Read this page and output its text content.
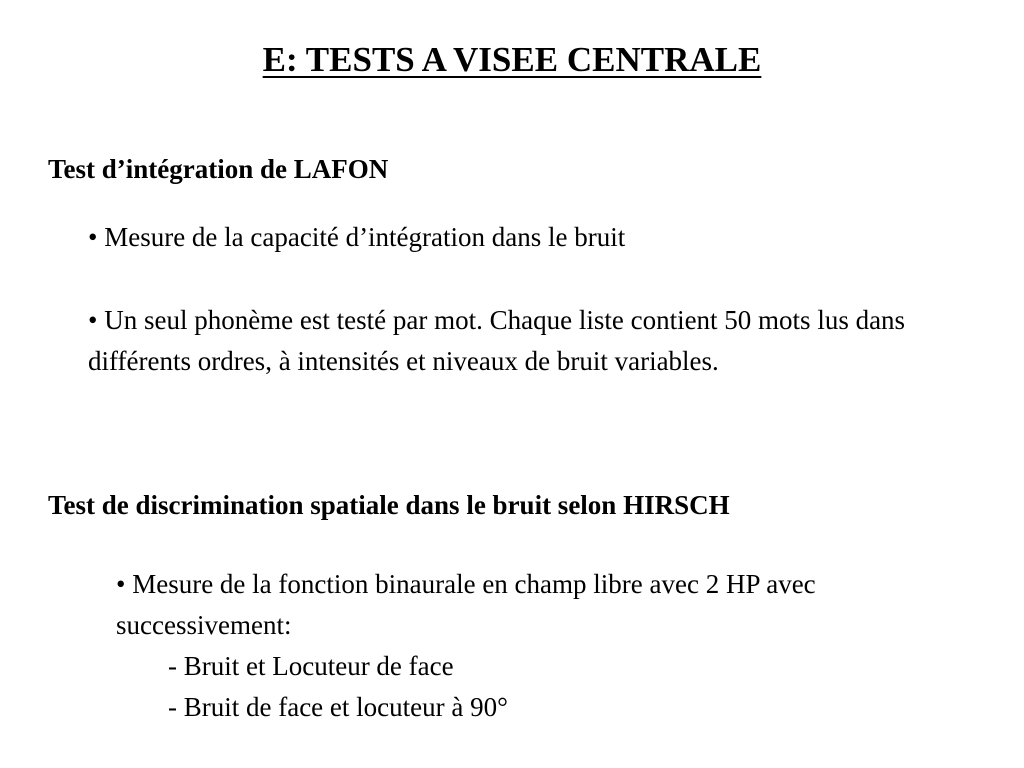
E: TESTS A VISEE CENTRALE
Test d’intégration de LAFON

• Mesure de la capacité d’intégration dans le bruit

• Un seul phonème est testé par mot. Chaque liste contient 50 mots lus dans différents ordres, à intensités et niveaux de bruit variables.

Test de discrimination spatiale dans le bruit selon HIRSCH

• Mesure de la fonction binaurale en champ libre avec 2 HP avec successivement:

- Bruit et Locuteur de face

- Bruit de face et locuteur à 90°
